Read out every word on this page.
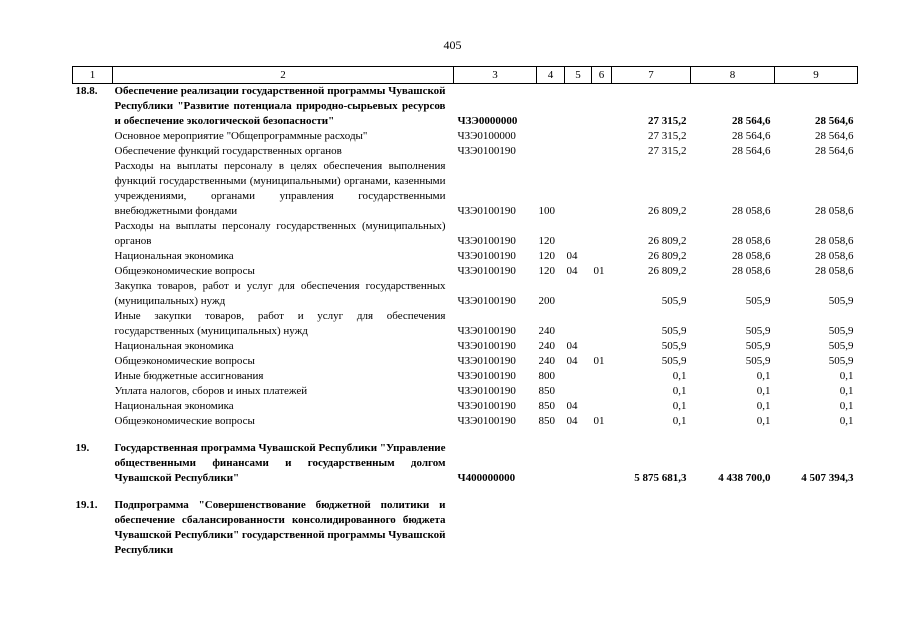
405
1	2	3	4	5	6	7	8	9
18.8.	Обеспечение реализации государственной программы Чувашской Республики "Развитие потенциала природно-сырьевых ресурсов и обеспечение экологической безопасности"	ЧЗЭ0000000				27 315,2	28 564,6	28 564,6
	Основное мероприятие "Общепрограммные расходы"	ЧЗЭ0100000				27 315,2	28 564,6	28 564,6
	Обеспечение функций государственных органов	ЧЗЭ0100190				27 315,2	28 564,6	28 564,6
	Расходы на выплаты персоналу в целях обеспечения выполнения функций государственными (муниципальными) органами, казенными учреждениями, органами управления государственными внебюджетными фондами	ЧЗЭ0100190	100			26 809,2	28 058,6	28 058,6
	Расходы на выплаты персоналу государственных (муниципальных) органов	ЧЗЭ0100190	120			26 809,2	28 058,6	28 058,6
	Национальная экономика	ЧЗЭ0100190	120	04		26 809,2	28 058,6	28 058,6
	Общеэкономические вопросы	ЧЗЭ0100190	120	04	01	26 809,2	28 058,6	28 058,6
	Закупка товаров, работ и услуг для обеспечения государственных (муниципальных) нужд	ЧЗЭ0100190	200			505,9	505,9	505,9
	Иные закупки товаров, работ и услуг для обеспечения государственных (муниципальных) нужд	ЧЗЭ0100190	240			505,9	505,9	505,9
	Национальная экономика	ЧЗЭ0100190	240	04		505,9	505,9	505,9
	Общеэкономические вопросы	ЧЗЭ0100190	240	04	01	505,9	505,9	505,9
	Иные бюджетные ассигнования	ЧЗЭ0100190	800			0,1	0,1	0,1
	Уплата налогов, сборов и иных платежей	ЧЗЭ0100190	850			0,1	0,1	0,1
	Национальная экономика	ЧЗЭ0100190	850	04		0,1	0,1	0,1
	Общеэкономические вопросы	ЧЗЭ0100190	850	04	01	0,1	0,1	0,1

19.	Государственная программа Чувашской Республики "Управление общественными финансами и государственным долгом Чувашской Республики"	Ч400000000				5 875 681,3	4 438 700,0	4 507 394,3

19.1.	Подпрограмма "Совершенствование бюджетной политики и обеспечение сбалансированности консолидированного бюджета Чувашской Республики" государственной программы Чувашской Республики							
